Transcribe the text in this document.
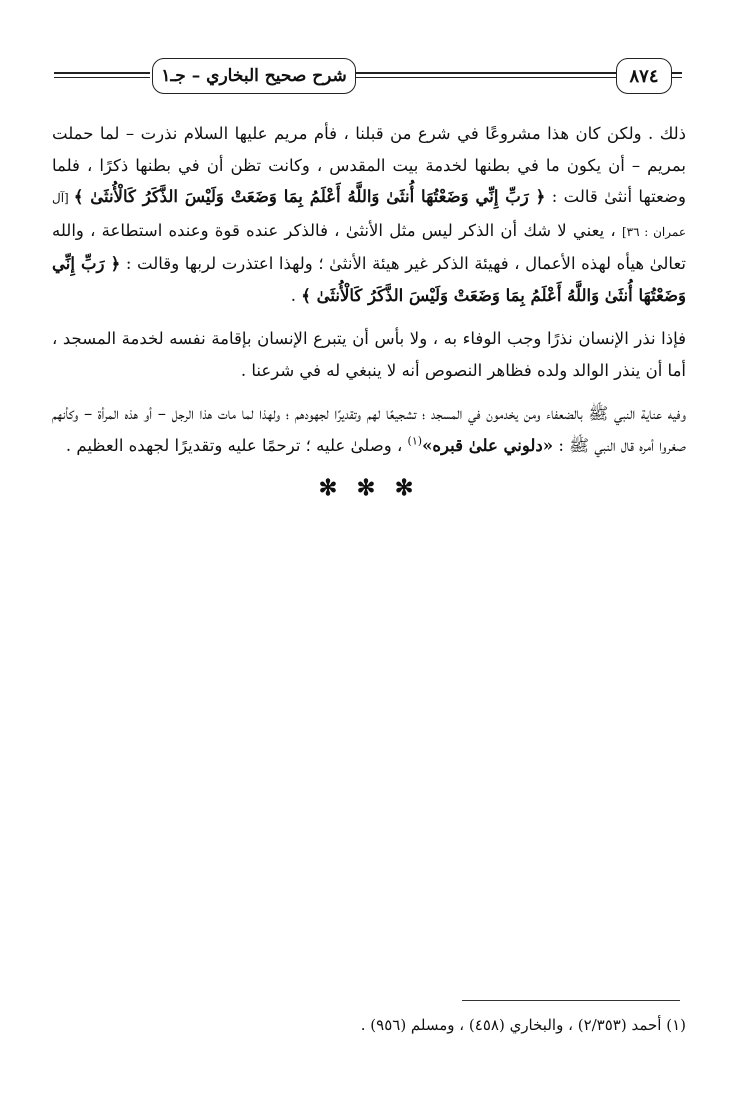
شرح صحيح البخاري – جـ١	٨٧٤

ذلك . ولكن كان هذا مشروعًا في شرع من قبلنا ، فأم مريم عليها السلام نذرت – لما حملت بمريم – أن يكون ما في بطنها لخدمة بيت المقدس ، وكانت تظن أن في بطنها ذكرًا ، فلما وضعتها أنثىٰ قالت : ﴿ رَبِّ إِنِّي وَضَعْتُهَا أُنثَىٰ وَاللَّهُ أَعْلَمُ بِمَا وَضَعَتْ وَلَيْسَ الذَّكَرُ كَالْأُنثَىٰ ﴾ [آل عمران : ٣٦] ، يعني لا شك أن الذكر ليس مثل الأنثىٰ ، فالذكر عنده قوة وعنده استطاعة ، والله تعالىٰ هيأه لهذه الأعمال ، فهيئة الذكر غير هيئة الأنثىٰ ؛ ولهذا اعتذرت لربها وقالت : ﴿ رَبِّ إِنِّي وَضَعْتُهَا أُنثَىٰ وَاللَّهُ أَعْلَمُ بِمَا وَضَعَتْ وَلَيْسَ الذَّكَرُ كَالْأُنثَىٰ ﴾ .

فإذا نذر الإنسان نذرًا وجب الوفاء به ، ولا بأس أن يتبرع الإنسان بإقامة نفسه لخدمة المسجد ، أما أن ينذر الوالد ولده فظاهر النصوص أنه لا ينبغي له في شرعنا .

وفيه عناية النبي ﷺ بالضعفاء ومن يخدمون في المسجد ؛ تشجيعًا لهم وتقديرًا لجهودهم ؛ ولهذا لما مات هذا الرجل – أو هذه المرأة – وكأنهم صغروا أمره قال النبي ﷺ : «دلوني علىٰ قبره»$^{(١)}$ ، وصلىٰ عليه ؛ ترحمًا عليه وتقديرًا لجهده العظيم .

✻ ✻ ✻
(١) أحمد (٢/٣٥٣) ، والبخاري (٤٥٨) ، ومسلم (٩٥٦) .
